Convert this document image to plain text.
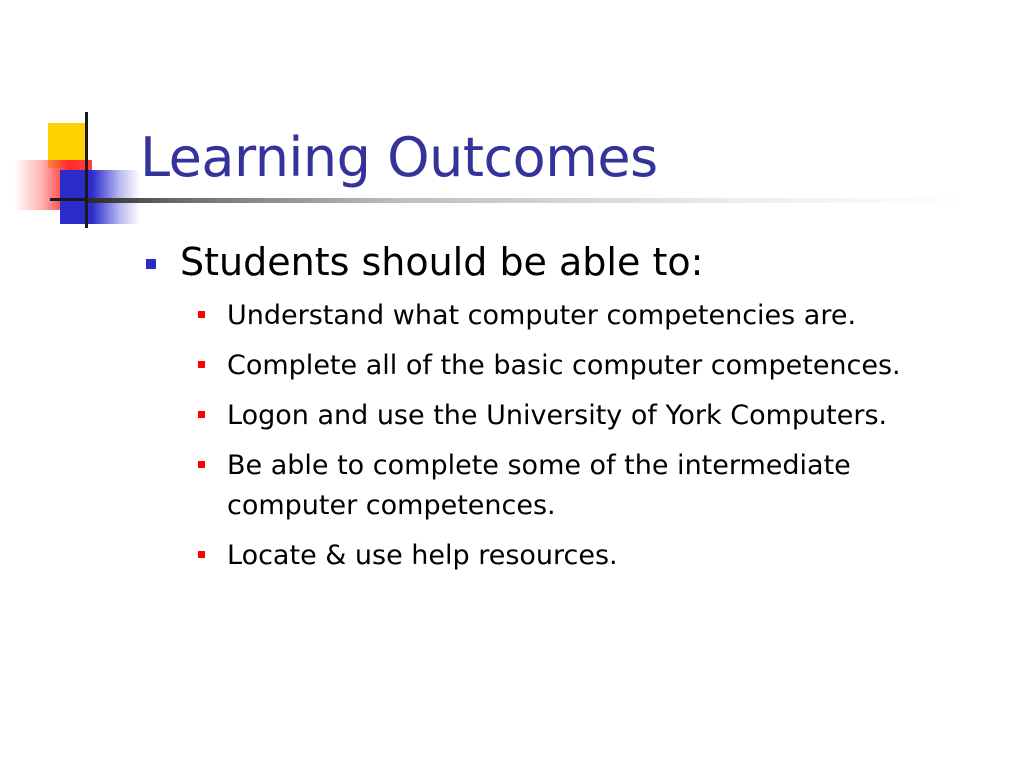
Learning Outcomes
Students should be able to:
Understand what computer competencies are.
Complete all of the basic computer competences.
Logon and use the University of York Computers.
Be able to complete some of the intermediate computer competences.
Locate & use help resources.
